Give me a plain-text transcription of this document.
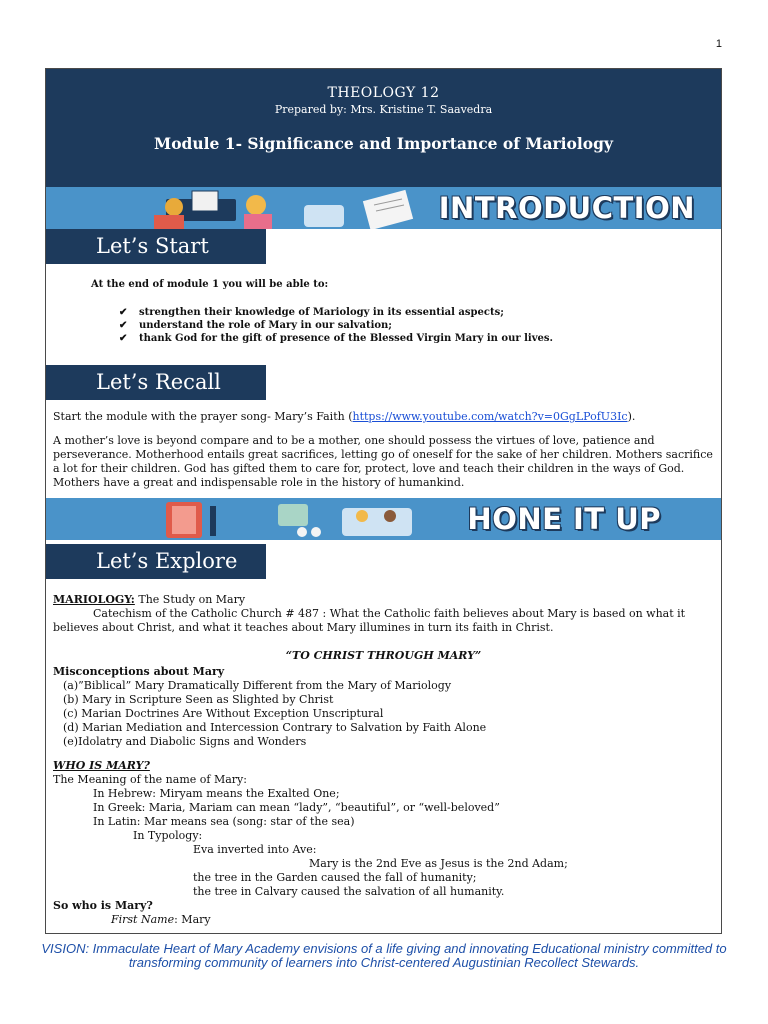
1
THEOLOGY 12
Prepared by: Mrs. Kristine T. Saavedra
Module 1- Significance and Importance of Mariology
INTRODUCTION
Let’s Start
At the end of module 1 you will be able to:
✔ strengthen their knowledge of Mariology in its essential aspects;
✔ understand the role of Mary in our salvation;
✔ thank God for the gift of presence of the Blessed Virgin Mary in our lives.
Let’s Recall

Start the module with the prayer song- Mary’s Faith (https://www.youtube.com/watch?v=0GgLPofU3Ic).

A mother’s love is beyond compare and to be a mother, one should possess the virtues of love, patience and perseverance. Motherhood entails great sacrifices, letting go of oneself for the sake of her children. Mothers sacrifice a lot for their children. God has gifted them to care for, protect, love and teach their children in the ways of God. Mothers have a great and indispensable role in the history of humankind.

HONE IT UP
Let’s Explore
MARIOLOGY: The Study on Mary
Catechism of the Catholic Church # 487 : What the Catholic faith believes about Mary is based on what it believes about Christ, and what it teaches about Mary illumines in turn its faith in Christ.
“TO CHRIST THROUGH MARY”
Misconceptions about Mary
(a)”Biblical” Mary Dramatically Different from the Mary of Mariology
(b) Mary in Scripture Seen as Slighted by Christ
(c) Marian Doctrines Are Without Exception Unscriptural
(d) Marian Mediation and Intercession Contrary to Salvation by Faith Alone
(e)Idolatry and Diabolic Signs and Wonders
WHO IS MARY?
The Meaning of the name of Mary:
In Hebrew: Miryam means the Exalted One;
In Greek: Maria, Mariam can mean “lady”, “beautiful”, or “well-beloved”
In Latin: Mar means sea (song: star of the sea)
In Typology:
Eva inverted into Ave:
Mary is the 2nd Eve as Jesus is the 2nd Adam;
the tree in the Garden caused the fall of humanity;
the tree in Calvary caused the salvation of all humanity.
So who is Mary?
First Name: Mary
VISION: Immaculate Heart of Mary Academy envisions of a life giving and innovating Educational ministry committed to transforming community of learners into Christ-centered Augustinian Recollect Stewards.
